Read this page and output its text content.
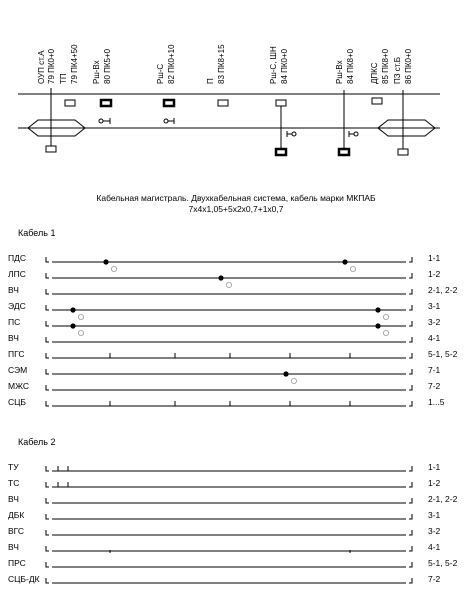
ОУП ст.А 79 ПК0+0 ТП 79 ПК4+50 Рш-Вх 80 ПК5+0	Рш-С 82 ПК0+10	П 83 ПК8+15	Рш-С, ШН 84 ПК0+0	Рш-Вх 84 ПК8+0 ДПКС 85 ПК8+0 ПЗ ст.Б 86 ПК0+0
Кабельная магистраль. Двухкабельная система, кабель марки МКПАБ
7x4x1,05+5x2x0,7+1x0,7
Кабель 1
ПДС	1-1
ЛПС	1-2
ВЧ	2-1, 2-2
ЭДС	3-1
ПС	3-2
ВЧ	4-1
ПГС	5-1, 5-2
СЭМ	7-1
МЖС	7-2
СЦБ	1...5
Кабель 2
ТУ	1-1
ТС	1-2
ВЧ	2-1, 2-2
ДБК	3-1
ВГС	3-2
ВЧ	4-1
ПРС	5-1, 5-2
СЦБ-ДК	7-2
